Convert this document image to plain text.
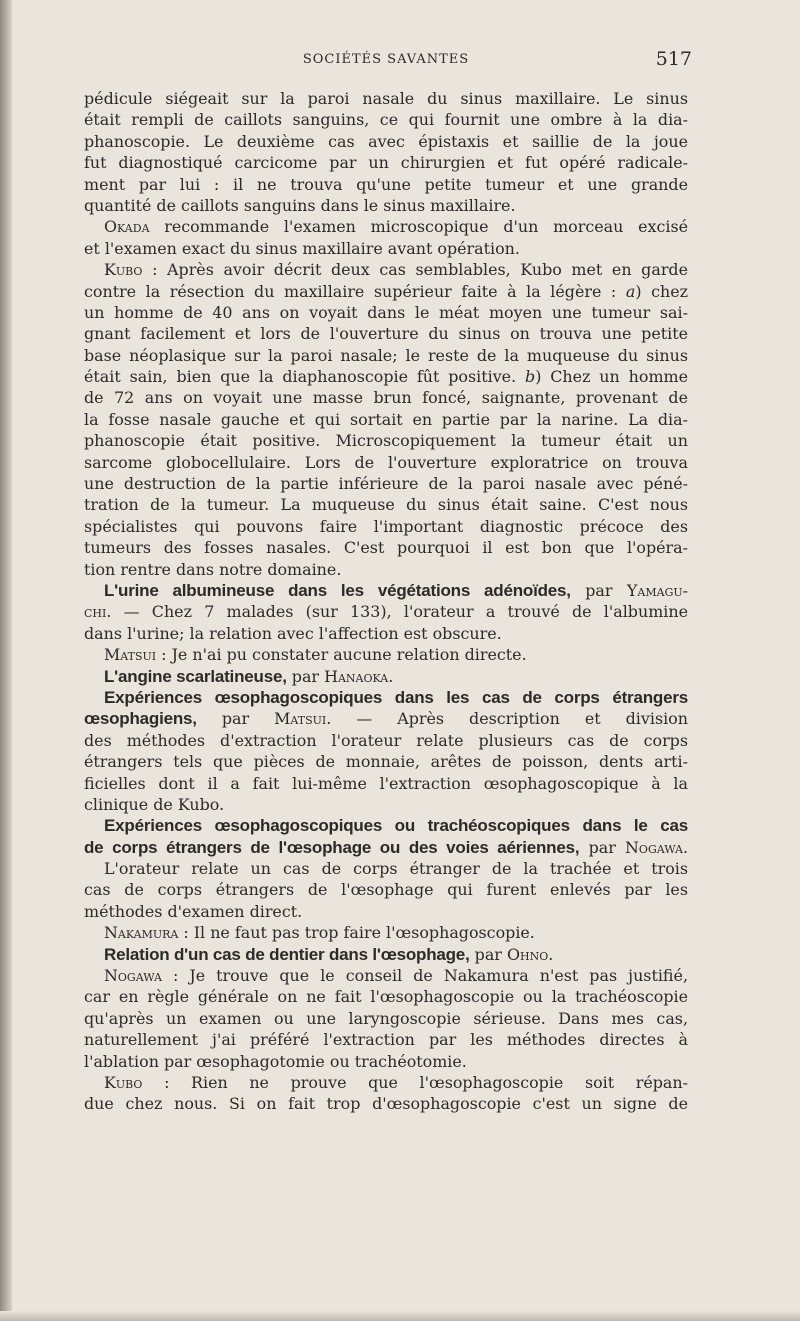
SOCIÉTÉS SAVANTES	517
pédicule siégeait sur la paroi nasale du sinus maxillaire. Le sinus
était rempli de caillots sanguins, ce qui fournit une ombre à la dia-
phanoscopie. Le deuxième cas avec épistaxis et saillie de la joue
fut diagnostiqué carcicome par un chirurgien et fut opéré radicale-
ment par lui : il ne trouva qu'une petite tumeur et une grande
quantité de caillots sanguins dans le sinus maxillaire.
Okada recommande l'examen microscopique d'un morceau excisé
et l'examen exact du sinus maxillaire avant opération.
Kubo : Après avoir décrit deux cas semblables, Kubo met en garde
contre la résection du maxillaire supérieur faite à la légère : a) chez
un homme de 40 ans on voyait dans le méat moyen une tumeur sai-
gnant facilement et lors de l'ouverture du sinus on trouva une petite
base néoplasique sur la paroi nasale; le reste de la muqueuse du sinus
était sain, bien que la diaphanoscopie fût positive. b) Chez un homme
de 72 ans on voyait une masse brun foncé, saignante, provenant de
la fosse nasale gauche et qui sortait en partie par la narine. La dia-
phanoscopie était positive. Microscopiquement la tumeur était un
sarcome globocellulaire. Lors de l'ouverture exploratrice on trouva
une destruction de la partie inférieure de la paroi nasale avec péné-
tration de la tumeur. La muqueuse du sinus était saine. C'est nous
spécialistes qui pouvons faire l'important diagnostic précoce des
tumeurs des fosses nasales. C'est pourquoi il est bon que l'opéra-
tion rentre dans notre domaine.
L'urine albumineuse dans les végétations adénoïdes, par Yamagu-
chi. — Chez 7 malades (sur 133), l'orateur a trouvé de l'albumine
dans l'urine; la relation avec l'affection est obscure.
Matsui : Je n'ai pu constater aucune relation directe.
L'angine scarlatineuse, par Hanaoka.
Expériences œsophagoscopiques dans les cas de corps étrangers
œsophagiens, par Matsui. — Après description et division
des méthodes d'extraction l'orateur relate plusieurs cas de corps
étrangers tels que pièces de monnaie, arêtes de poisson, dents arti-
ficielles dont il a fait lui-même l'extraction œsophagoscopique à la
clinique de Kubo.
Expériences œsophagoscopiques ou trachéoscopiques dans le cas
de corps étrangers de l'œsophage ou des voies aériennes, par Nogawa.
L'orateur relate un cas de corps étranger de la trachée et trois
cas de corps étrangers de l'œsophage qui furent enlevés par les
méthodes d'examen direct.
Nakamura : Il ne faut pas trop faire l'œsophagoscopie.
Relation d'un cas de dentier dans l'œsophage, par Ohno.
Nogawa : Je trouve que le conseil de Nakamura n'est pas justifié,
car en règle générale on ne fait l'œsophagoscopie ou la trachéoscopie
qu'après un examen ou une laryngoscopie sérieuse. Dans mes cas,
naturellement j'ai préféré l'extraction par les méthodes directes à
l'ablation par œsophagotomie ou trachéotomie.
Kubo : Rien ne prouve que l'œsophagoscopie soit répan-
due chez nous. Si on fait trop d'œsophagoscopie c'est un signe de
